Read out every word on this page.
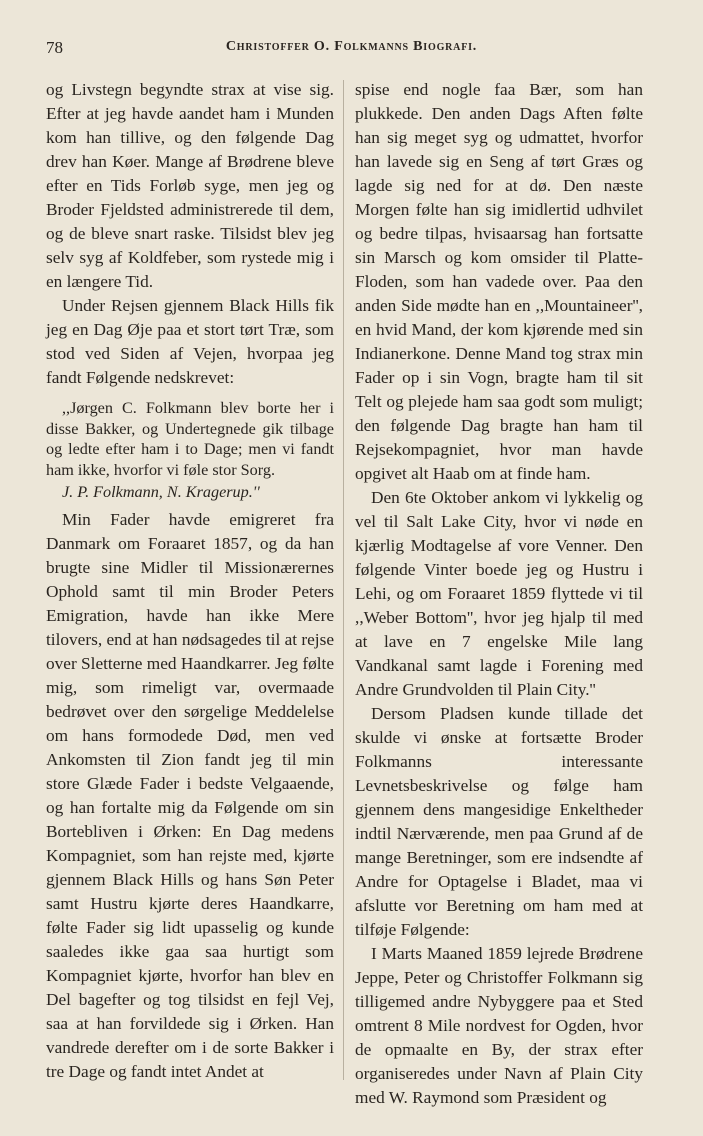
78	Christoffer O. Folkmanns Biografi.

og Livstegn begyndte strax at vise sig. Efter at jeg havde aandet ham i Munden kom han tillive, og den følgende Dag drev han Køer. Mange af Brødrene bleve efter en Tids Forløb syge, men jeg og Broder Fjeldsted administrerede til dem, og de bleve snart raske. Tilsidst blev jeg selv syg af Koldfeber, som rystede mig i en længere Tid.

Under Rejsen gjennem Black Hills fik jeg en Dag Øje paa et stort tørt Træ, som stod ved Siden af Vejen, hvorpaa jeg fandt Følgende nedskrevet:

,,Jørgen C. Folkmann blev borte her i disse Bakker, og Undertegnede gik tilbage og ledte efter ham i to Dage; men vi fandt ham ikke, hvorfor vi føle stor Sorg.

J. P. Folkmann, N. Kragerup.''

Min Fader havde emigreret fra Danmark om Foraaret 1857, og da han brugte sine Midler til Missionærernes Ophold samt til min Broder Peters Emigration, havde han ikke Mere tilovers, end at han nødsagedes til at rejse over Sletterne med Haandkarrer. Jeg følte mig, som rimeligt var, overmaade bedrøvet over den sørgelige Meddelelse om hans formodede Død, men ved Ankomsten til Zion fandt jeg til min store Glæde Fader i bedste Velgaaende, og han fortalte mig da Følgende om sin Bortebliven i Ørken: En Dag medens Kompagniet, som han rejste med, kjørte gjennem Black Hills og hans Søn Peter samt Hustru kjørte deres Haandkarre, følte Fader sig lidt upasselig og kunde saaledes ikke gaa saa hurtigt som Kompagniet kjørte, hvorfor han blev en Del bagefter og tog tilsidst en fejl Vej, saa at han forvildede sig i Ørken. Han vandrede derefter om i de sorte Bakker i tre Dage og fandt intet Andet at

spise end nogle faa Bær, som han plukkede. Den anden Dags Aften følte han sig meget syg og udmattet, hvorfor han lavede sig en Seng af tørt Græs og lagde sig ned for at dø. Den næste Morgen følte han sig imidlertid udhvilet og bedre tilpas, hvisaarsag han fortsatte sin Marsch og kom omsider til Platte-Floden, som han vadede over. Paa den anden Side mødte han en ,,Mountaineer'', en hvid Mand, der kom kjørende med sin Indianerkone. Denne Mand tog strax min Fader op i sin Vogn, bragte ham til sit Telt og plejede ham saa godt som muligt; den følgende Dag bragte han ham til Rejsekompagniet, hvor man havde opgivet alt Haab om at finde ham.

Den 6te Oktober ankom vi lykkelig og vel til Salt Lake City, hvor vi nøde en kjærlig Modtagelse af vore Venner. Den følgende Vinter boede jeg og Hustru i Lehi, og om Foraaret 1859 flyttede vi til ,,Weber Bottom'', hvor jeg hjalp til med at lave en 7 engelske Mile lang Vandkanal samt lagde i Forening med Andre Grundvolden til Plain City.''

Dersom Pladsen kunde tillade det skulde vi ønske at fortsætte Broder Folkmanns interessante Levnetsbeskrivelse og følge ham gjennem dens mangesidige Enkeltheder indtil Nærværende, men paa Grund af de mange Beretninger, som ere indsendte af Andre for Optagelse i Bladet, maa vi afslutte vor Beretning om ham med at tilføje Følgende:

I Marts Maaned 1859 lejrede Brødrene Jeppe, Peter og Christoffer Folkmann sig tilligemed andre Nybyggere paa et Sted omtrent 8 Mile nordvest for Ogden, hvor de opmaalte en By, der strax efter organiseredes under Navn af Plain City med W. Raymond som Præsident og
